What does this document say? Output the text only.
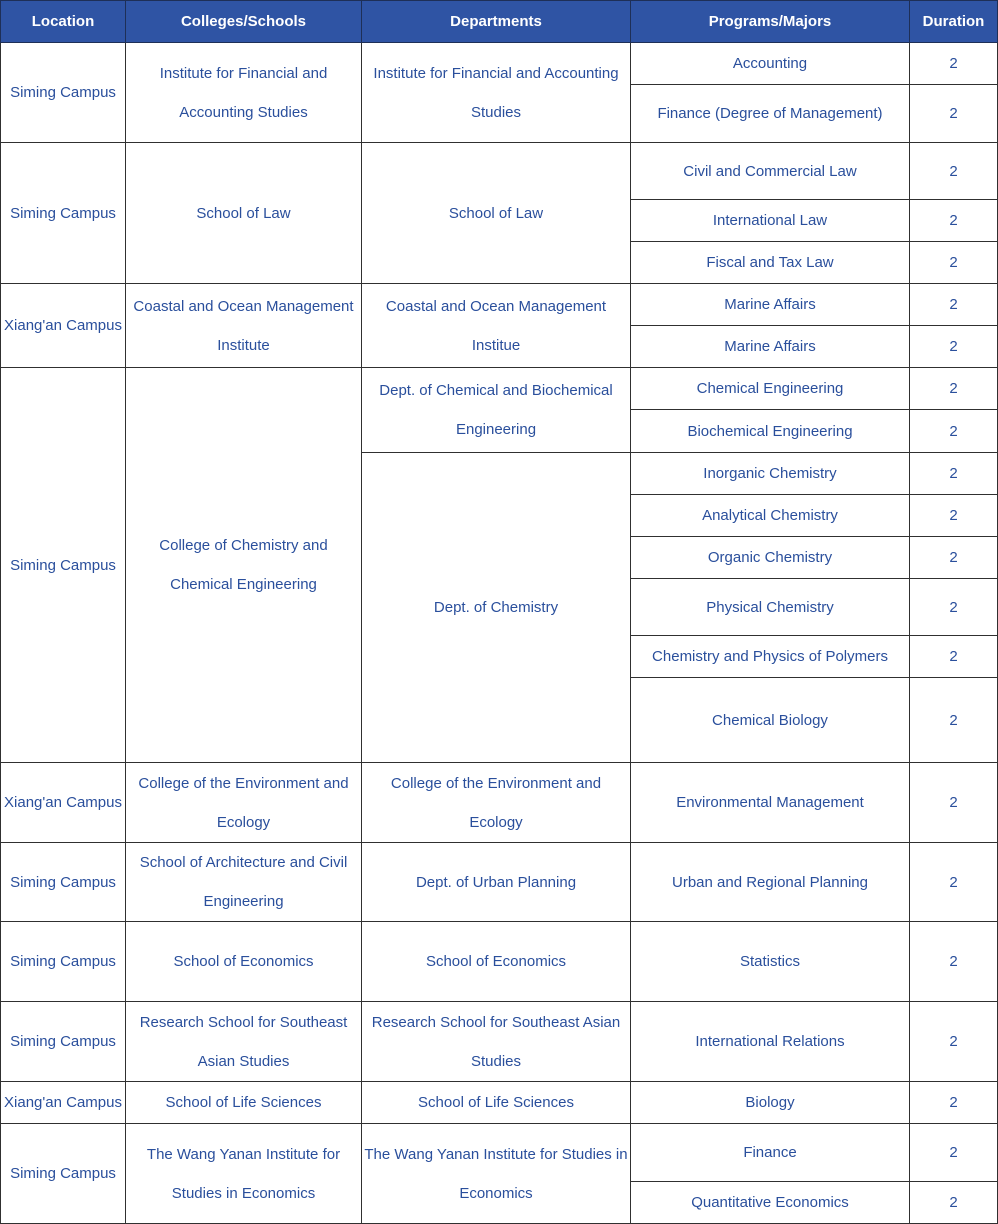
Location	Colleges/Schools	Departments	Programs/Majors	Duration
Siming Campus	Institute for Financial and Accounting Studies	Institute for Financial and Accounting Studies	Accounting	2
			Finance (Degree of Management)	2
Siming Campus	School of Law	School of Law	Civil and Commercial Law	2
			International Law	2
			Fiscal and Tax Law	2
Xiang'an Campus	Coastal and Ocean Management Institute	Coastal and Ocean Management Institue	Marine Affairs	2
			Marine Affairs	2
Siming Campus	College of Chemistry and Chemical Engineering	Dept. of Chemical and Biochemical Engineering	Chemical Engineering	2
			Biochemical Engineering	2
		Dept. of Chemistry	Inorganic Chemistry	2
			Analytical Chemistry	2
			Organic Chemistry	2
			Physical Chemistry	2
			Chemistry and Physics of Polymers	2
			Chemical Biology	2
Xiang'an Campus	College of the Environment and Ecology	College of the Environment and Ecology	Environmental Management	2
Siming Campus	School of Architecture and Civil Engineering	Dept. of Urban Planning	Urban and Regional Planning	2
Siming Campus	School of Economics	School of Economics	Statistics	2
Siming Campus	Research School for Southeast Asian Studies	Research School for Southeast Asian Studies	International Relations	2
Xiang'an Campus	School of Life Sciences	School of Life Sciences	Biology	2
Siming Campus	The Wang Yanan Institute for Studies in Economics	The Wang Yanan Institute for Studies in Economics	Finance	2
			Quantitative Economics	2
